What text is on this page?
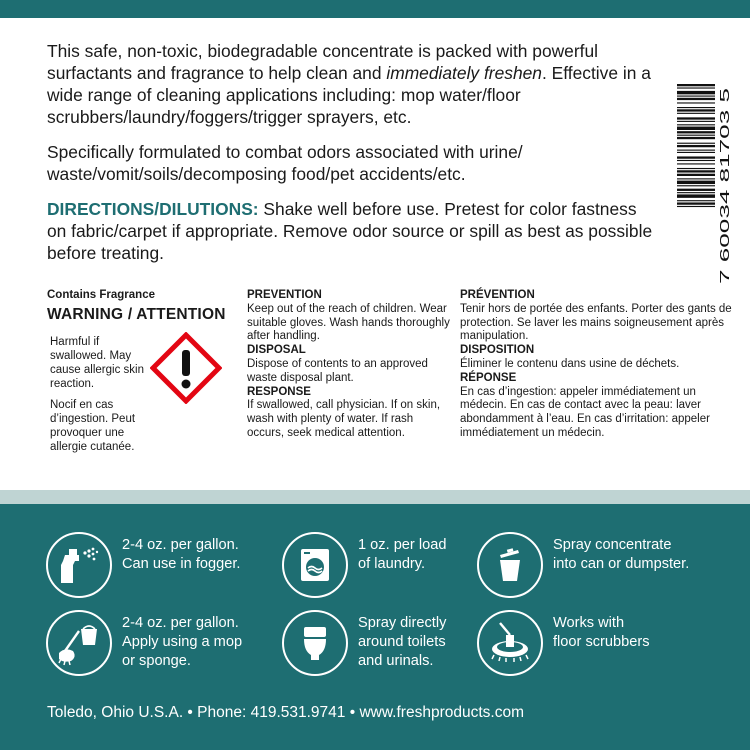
This safe, non-toxic, biodegradable concentrate is packed with powerful surfactants and fragrance to help clean and immediately freshen. Effective in a wide range of cleaning applications including: mop water/floor scrubbers/laundry/foggers/trigger sprayers, etc.

Specifically formulated to combat odors associated with urine/ waste/vomit/soils/decomposing food/pet accidents/etc.

DIRECTIONS/DILUTIONS: Shake well before use. Pretest for color fastness on fabric/carpet if appropriate. Remove odor source or spill as best as possible before treating.	7 60034 81703 5
Contains Fragrance
WARNING / ATTENTION
Harmful if swallowed. May cause allergic skin reaction.
Nocif en cas d’ingestion. Peut provoquer une allergie cutanée.
PREVENTION
Keep out of the reach of children. Wear suitable gloves. Wash hands thoroughly after handling.
DISPOSAL
Dispose of contents to an approved waste disposal plant.
RESPONSE
If swallowed, call physician. If on skin, wash with plenty of water. If rash occurs, seek medical attention.
PRÉVENTION
Tenir hors de portée des enfants. Porter des gants de protection. Se laver les mains soigneusement après manipulation.
DISPOSITION
Éliminer le contenu dans usine de déchets.
RÉPONSE
En cas d’ingestion: appeler immédiatement un médecin. En cas de contact avec la peau: laver abondamment à l’eau. En cas d’irritation: appeler immédiatement un médecin.
2-4 oz. per gallon.
Can use in fogger.
1 oz. per load
of laundry.
Spray concentrate
into can or dumpster.
2-4 oz. per gallon.
Apply using a mop
or sponge.
Spray directly
around toilets
and urinals.
Works with
floor scrubbers
Toledo, Ohio U.S.A. • Phone: 419.531.9741 • www.freshproducts.com
